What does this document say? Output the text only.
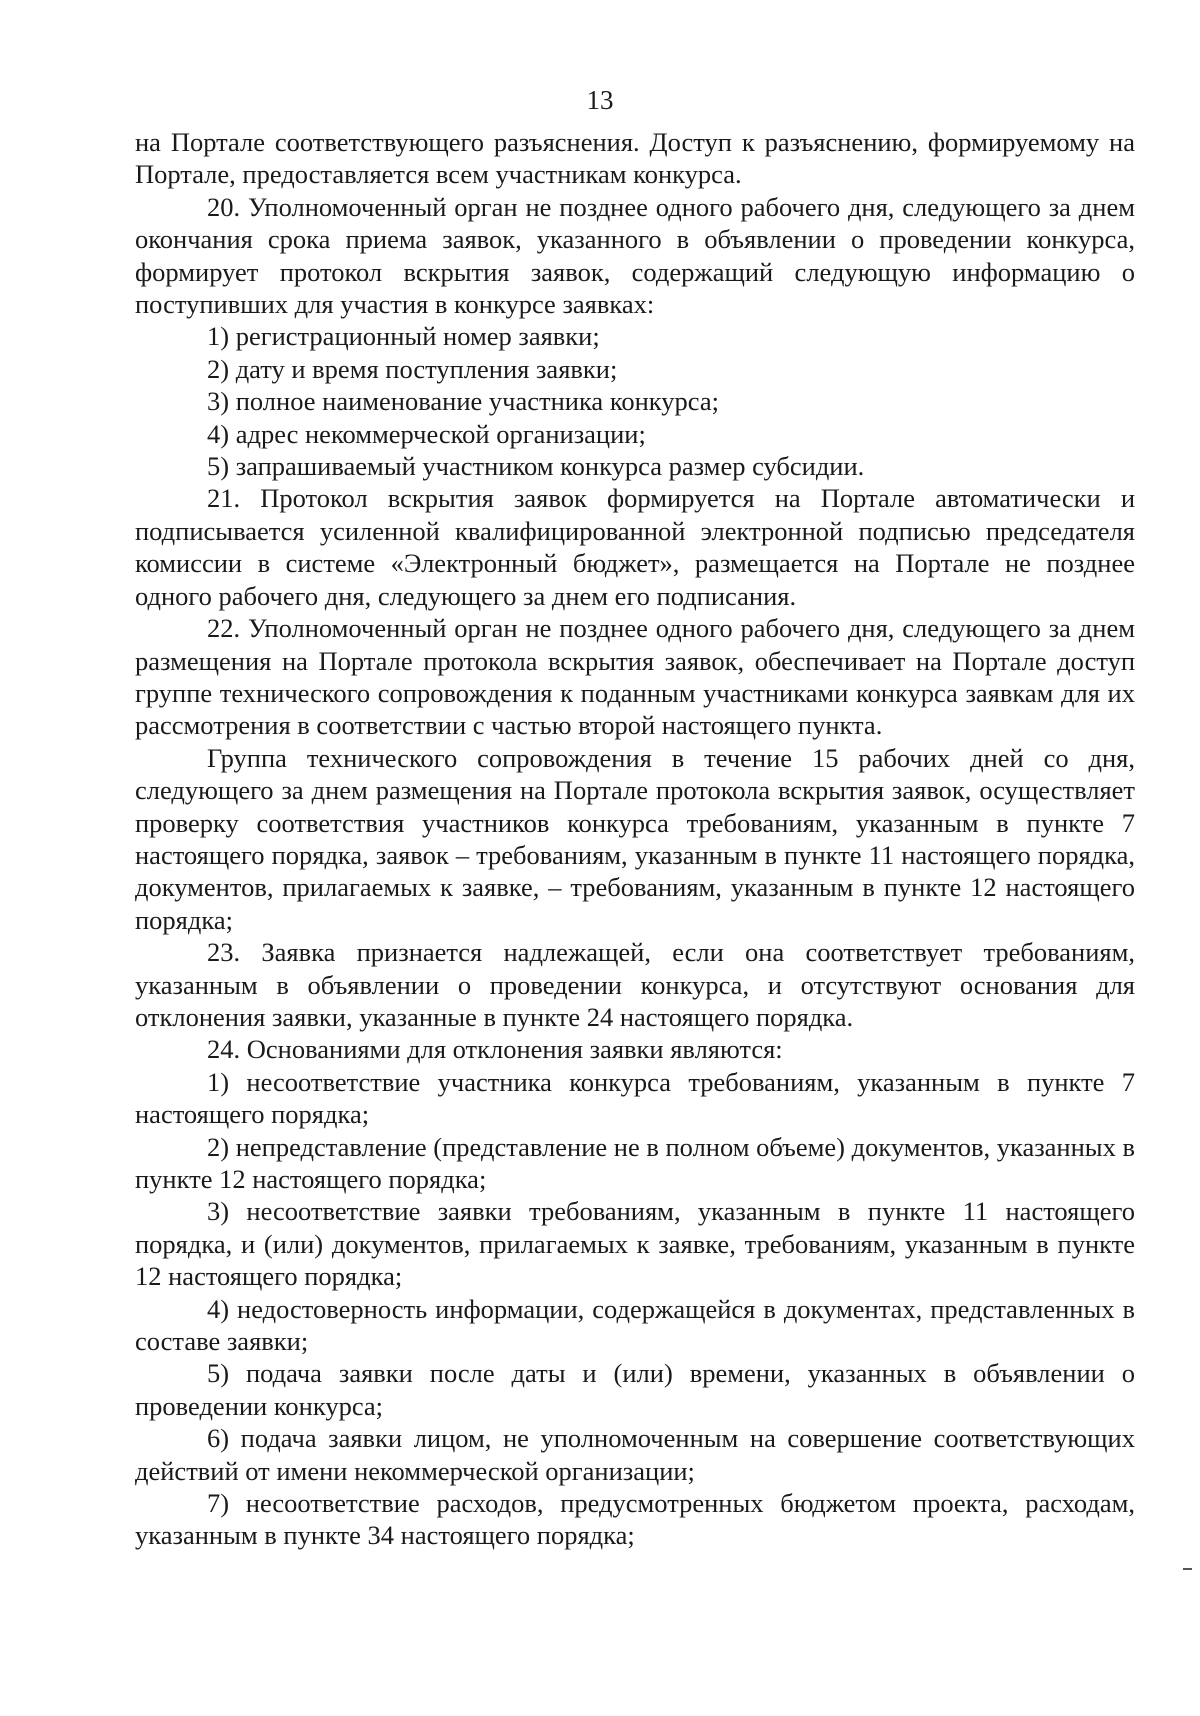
13

на Портале соответствующего разъяснения. Доступ к разъяснению, формируемому на Портале, предоставляется всем участникам конкурса.

20. Уполномоченный орган не позднее одного рабочего дня, следующего за днем окончания срока приема заявок, указанного в объявлении о проведении конкурса, формирует протокол вскрытия заявок, содержащий следующую информацию о поступивших для участия в конкурсе заявках:

1) регистрационный номер заявки;

2) дату и время поступления заявки;

3) полное наименование участника конкурса;

4) адрес некоммерческой организации;

5) запрашиваемый участником конкурса размер субсидии.

21. Протокол вскрытия заявок формируется на Портале автоматически и подписывается усиленной квалифицированной электронной подписью председателя комиссии в системе «Электронный бюджет», размещается на Портале не позднее одного рабочего дня, следующего за днем его подписания.

22. Уполномоченный орган не позднее одного рабочего дня, следующего за днем размещения на Портале протокола вскрытия заявок, обеспечивает на Портале доступ группе технического сопровождения к поданным участниками конкурса заявкам для их рассмотрения в соответствии с частью второй настоящего пункта.

Группа технического сопровождения в течение 15 рабочих дней со дня, следующего за днем размещения на Портале протокола вскрытия заявок, осуществляет проверку соответствия участников конкурса требованиям, указанным в пункте 7 настоящего порядка, заявок – требованиям, указанным в пункте 11 настоящего порядка, документов, прилагаемых к заявке, – требованиям, указанным в пункте 12 настоящего порядка;

23. Заявка признается надлежащей, если она соответствует требованиям, указанным в объявлении о проведении конкурса, и отсутствуют основания для отклонения заявки, указанные в пункте 24 настоящего порядка.

24. Основаниями для отклонения заявки являются:

1) несоответствие участника конкурса требованиям, указанным в пункте 7 настоящего порядка;

2) непредставление (представление не в полном объеме) документов, указанных в пункте 12 настоящего порядка;

3) несоответствие заявки требованиям, указанным в пункте 11 настоящего порядка, и (или) документов, прилагаемых к заявке, требованиям, указанным в пункте 12 настоящего порядка;

4) недостоверность информации, содержащейся в документах, представленных в составе заявки;

5) подача заявки после даты и (или) времени, указанных в объявлении о проведении конкурса;

6) подача заявки лицом, не уполномоченным на совершение соответствующих действий от имени некоммерческой организации;

7) несоответствие расходов, предусмотренных бюджетом проекта, расходам, указанным в пункте 34 настоящего порядка;
